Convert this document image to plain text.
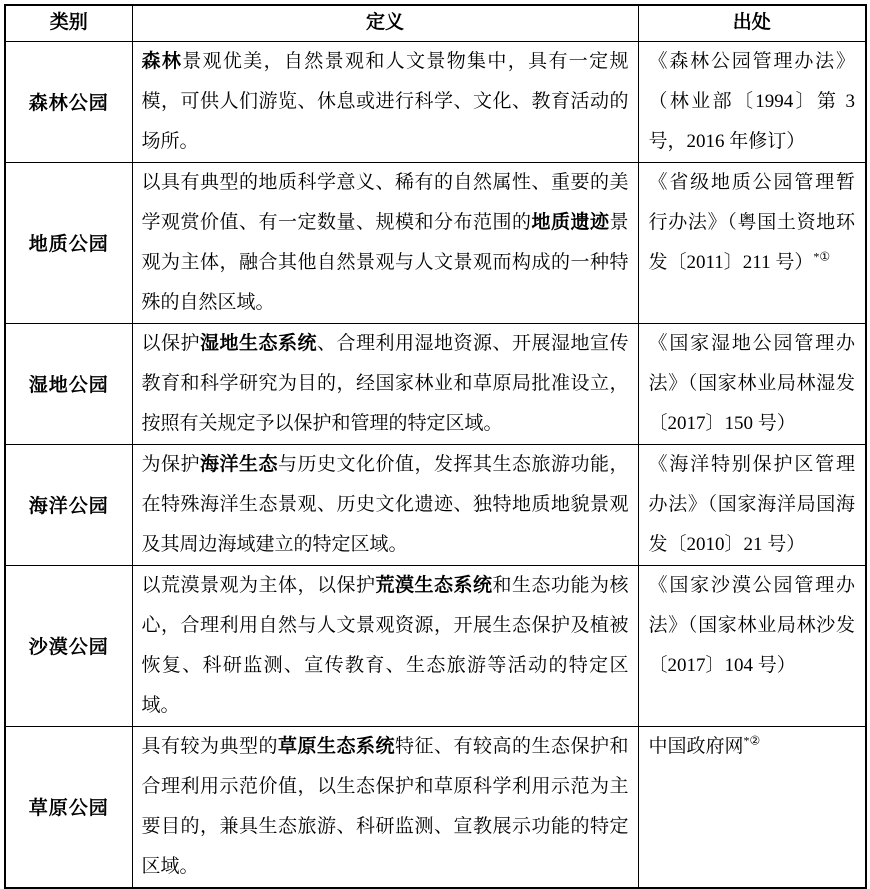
类别	定义	出处
森林公园	森林景观优美，自然景观和人文景物集中，具有一定规模，可供人们游览、休息或进行科学、文化、教育活动的场所。	《森林公园管理办法》（林业部〔1994〕第 3 号，2016 年修订）
地质公园	以具有典型的地质科学意义、稀有的自然属性、重要的美学观赏价值、有一定数量、规模和分布范围的地质遗迹景观为主体，融合其他自然景观与人文景观而构成的一种特殊的自然区域。	《省级地质公园管理暂行办法》（粤国土资地环发〔2011〕211 号）*①
湿地公园	以保护湿地生态系统、合理利用湿地资源、开展湿地宣传教育和科学研究为目的，经国家林业和草原局批准设立，按照有关规定予以保护和管理的特定区域。	《国家湿地公园管理办法》（国家林业局林湿发〔2017〕150 号）
海洋公园	为保护海洋生态与历史文化价值，发挥其生态旅游功能，在特殊海洋生态景观、历史文化遗迹、独特地质地貌景观及其周边海域建立的特定区域。	《海洋特别保护区管理办法》（国家海洋局国海发〔2010〕21 号）
沙漠公园	以荒漠景观为主体，以保护荒漠生态系统和生态功能为核心，合理利用自然与人文景观资源，开展生态保护及植被恢复、科研监测、宣传教育、生态旅游等活动的特定区域。	《国家沙漠公园管理办法》（国家林业局林沙发〔2017〕104 号）
草原公园	具有较为典型的草原生态系统特征、有较高的生态保护和合理利用示范价值，以生态保护和草原科学利用示范为主要目的，兼具生态旅游、科研监测、宣教展示功能的特定区域。	中国政府网*②
